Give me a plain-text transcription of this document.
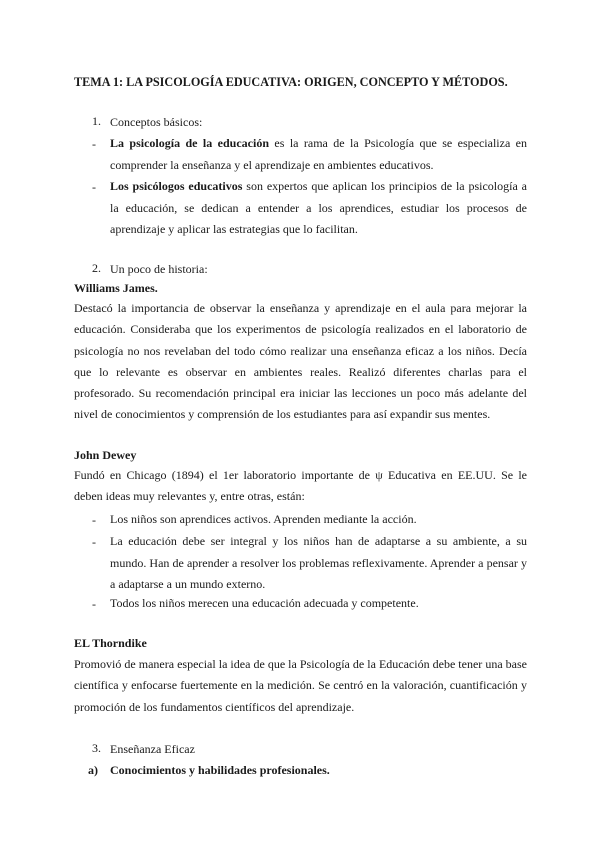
TEMA 1: LA PSICOLOGÍA EDUCATIVA: ORIGEN, CONCEPTO Y MÉTODOS.
1. Conceptos básicos:
- La psicología de la educación es la rama de la Psicología que se especializa en comprender la enseñanza y el aprendizaje en ambientes educativos.
- Los psicólogos educativos son expertos que aplican los principios de la psicología a la educación, se dedican a entender a los aprendices, estudiar los procesos de aprendizaje y aplicar las estrategias que lo facilitan.
2. Un poco de historia:
Williams James.
Destacó la importancia de observar la enseñanza y aprendizaje en el aula para mejorar la educación. Consideraba que los experimentos de psicología realizados en el laboratorio de psicología no nos revelaban del todo cómo realizar una enseñanza eficaz a los niños. Decía que lo relevante es observar en ambientes reales. Realizó diferentes charlas para el profesorado. Su recomendación principal era iniciar las lecciones un poco más adelante del nivel de conocimientos y comprensión de los estudiantes para así expandir sus mentes.
John Dewey
Fundó en Chicago (1894) el 1er laboratorio importante de ψ Educativa en EE.UU. Se le deben ideas muy relevantes y, entre otras, están:
- Los niños son aprendices activos. Aprenden mediante la acción.
- La educación debe ser integral y los niños han de adaptarse a su ambiente, a su mundo. Han de aprender a resolver los problemas reflexivamente. Aprender a pensar y a adaptarse a un mundo externo.
- Todos los niños merecen una educación adecuada y competente.
EL Thorndike
Promovió de manera especial la idea de que la Psicología de la Educación debe tener una base científica y enfocarse fuertemente en la medición. Se centró en la valoración, cuantificación y promoción de los fundamentos científicos del aprendizaje.
3. Enseñanza Eficaz
a) Conocimientos y habilidades profesionales.
